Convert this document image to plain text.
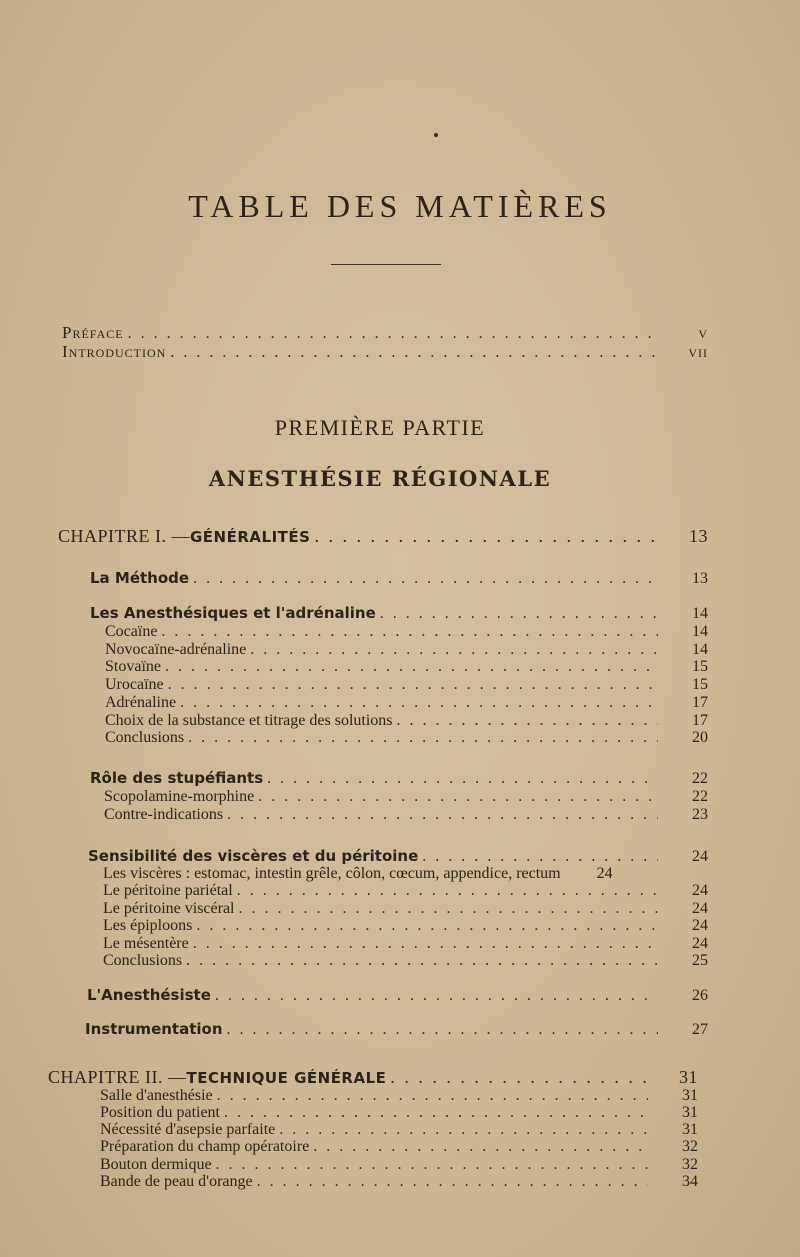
TABLE DES MATIÈRES
Préface . . .	v
Introduction . . .	vii
PREMIÈRE PARTIE
ANESTHÉSIE RÉGIONALE
CHAPITRE I. — GÉNÉRALITÉS . . .	13
La Méthode . . .	13
Les Anesthésiques et l'adrénaline . . .	14
Cocaïne . . .	14
Novocaïne-adrénaline . . .	14
Stovaïne . . .	15
Urocaïne . . .	15
Adrénaline . . .	17
Choix de la substance et titrage des solutions . . .	17
Conclusions . . .	20
Rôle des stupéfiants . . .	22
Scopolamine-morphine . . .	22
Contre-indications . . .	23
Sensibilité des viscères et du péritoine . . .	24
Les viscères : estomac, intestin grêle, côlon, cœcum, appendice, rectum	24
Le péritoine pariétal . . .	24
Le péritoine viscéral . . .	24
Les épiploons . . .	24
Le mésentère . . .	24
Conclusions . . .	25
L'Anesthésiste . . .	26
Instrumentation . . .	27
CHAPITRE II. — TECHNIQUE GÉNÉRALE . . .	31
Salle d'anesthésie . . .	31
Position du patient . . .	31
Nécessité d'asepsie parfaite . . .	31
Préparation du champ opératoire . . .	32
Bouton dermique . . .	32
Bande de peau d'orange . . .	34
